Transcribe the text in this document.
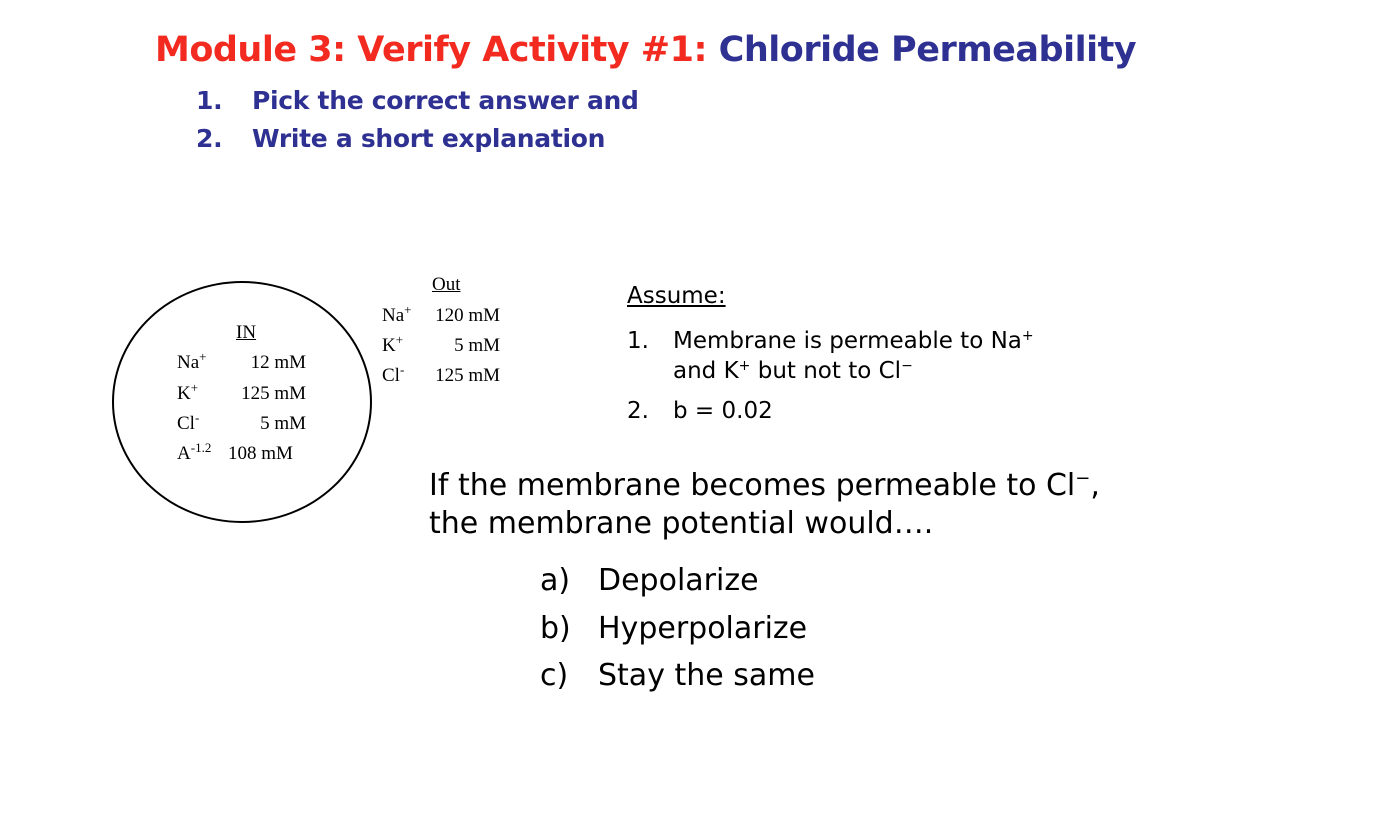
Module 3: Verify Activity #1: Chloride Permeability
1. Pick the correct answer and
2. Write a short explanation
IN
Na+	12 mM
K+	125 mM
Cl-	5 mM
$A^{-1.2}$ 108 mM
Out
Na+	120 mM
K+	5 mM
Cl-	125 mM
Assume:
1. Membrane is permeable to Na+
and K+ but not to Cl−
2. b = 0.02
If the membrane becomes permeable to Cl−,
the membrane potential would….
a) Depolarize
b) Hyperpolarize
c) Stay the same
